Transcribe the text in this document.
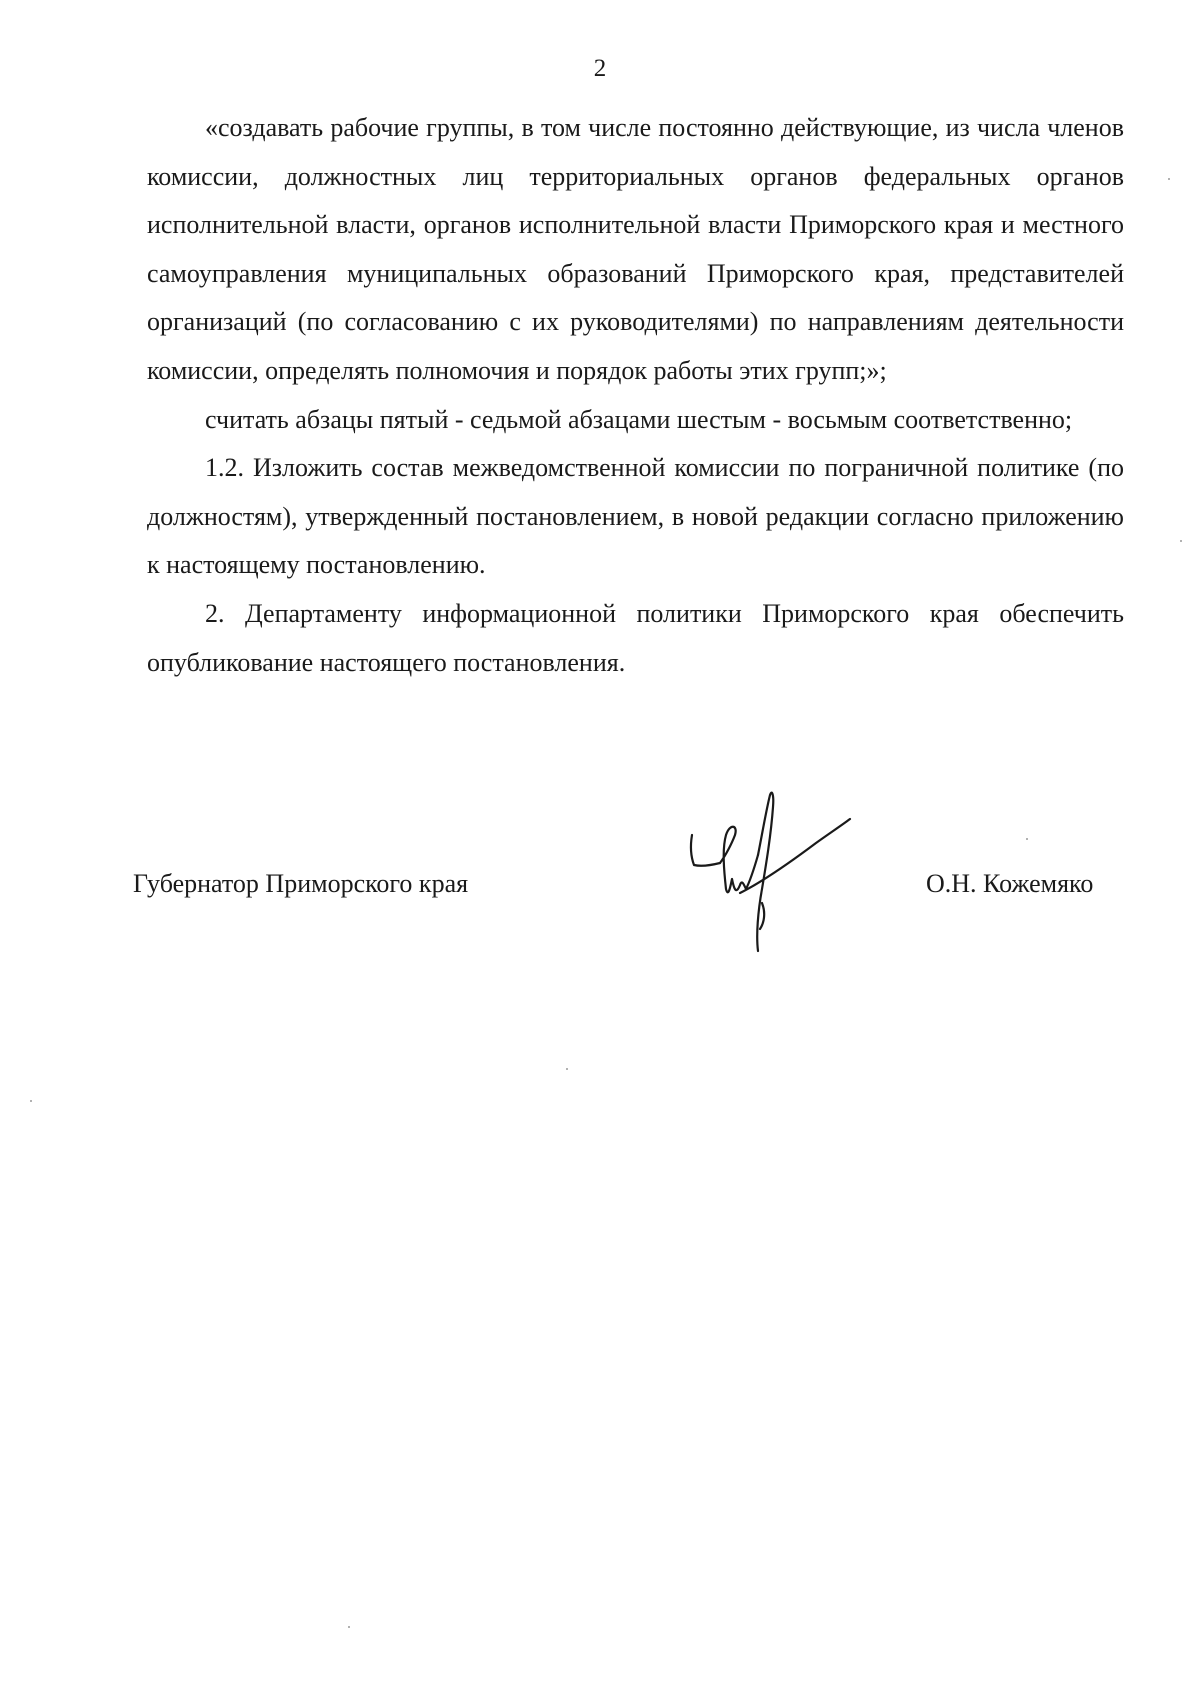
2

«создавать рабочие группы, в том числе постоянно действующие, из числа членов комиссии, должностных лиц территориальных органов федеральных органов исполнительной власти, органов исполнительной власти Приморского края и местного самоуправления муниципальных образований Приморского края, представителей организаций (по согласованию с их руководителями) по направлениям деятельности комиссии, определять полномочия и порядок работы этих групп;»;

считать абзацы пятый - седьмой абзацами шестым - восьмым соответственно;

1.2. Изложить состав межведомственной комиссии по пограничной политике (по должностям), утвержденный постановлением, в новой редакции согласно приложению к настоящему постановлению.

2. Департаменту информационной политики Приморского края обеспечить опубликование настоящего постановления.

Губернатор Приморского края	О.Н. Кожемяко
